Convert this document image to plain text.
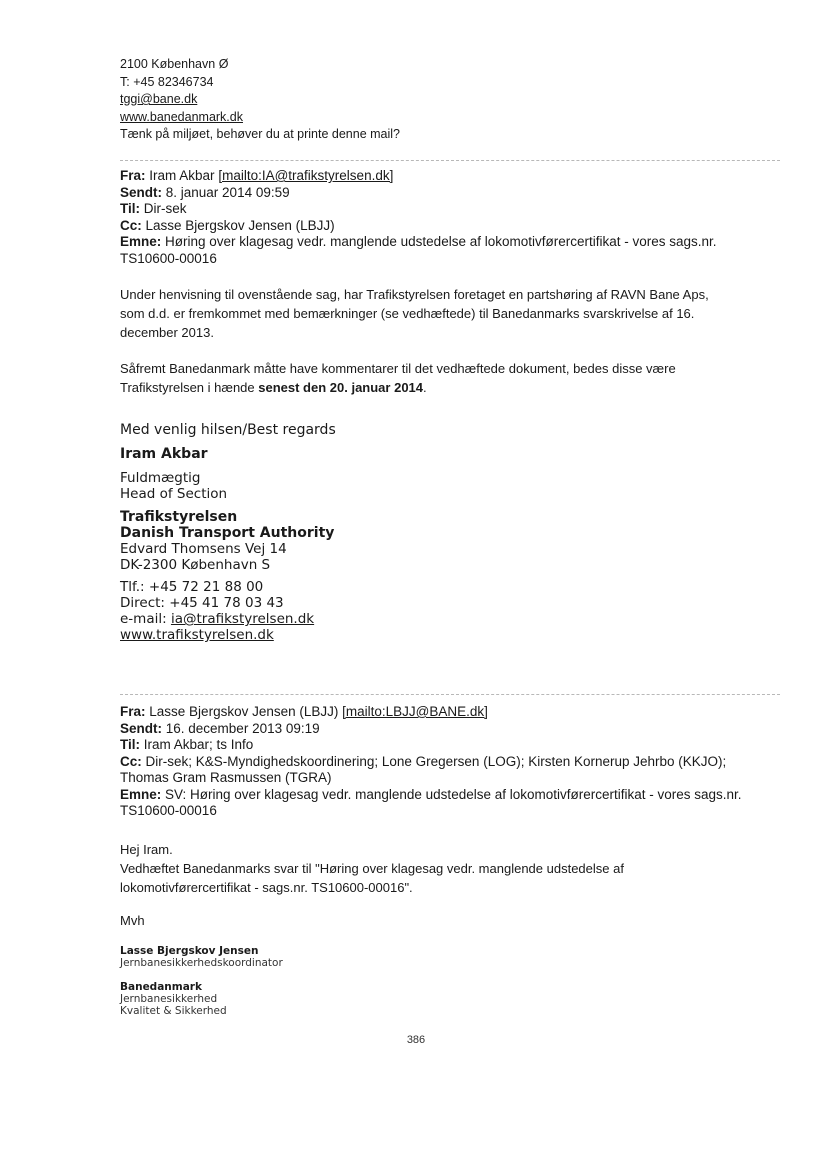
2100 København Ø
T: +45 82346734
tggi@bane.dk
www.banedanmark.dk
Tænk på miljøet, behøver du at printe denne mail?
Fra: Iram Akbar [mailto:IA@trafikstyrelsen.dk]
Sendt: 8. januar 2014 09:59
Til: Dir-sek
Cc: Lasse Bjergskov Jensen (LBJJ)
Emne: Høring over klagesag vedr. manglende udstedelse af lokomotivførercertifikat - vores sags.nr.
TS10600-00016
Under henvisning til ovenstående sag, har Trafikstyrelsen foretaget en partshøring af RAVN Bane Aps,
som d.d. er fremkommet med bemærkninger (se vedhæftede) til Banedanmarks svarskrivelse af 16.
december 2013.
Såfremt Banedanmark måtte have kommentarer til det vedhæftede dokument, bedes disse være
Trafikstyrelsen i hænde senest den 20. januar 2014.
Med venlig hilsen/Best regards
Iram Akbar
Fuldmægtig
Head of Section
Trafikstyrelsen
Danish Transport Authority
Edvard Thomsens Vej 14
DK-2300 København S
Tlf.: +45 72 21 88 00
Direct: +45 41 78 03 43
e-mail: ia@trafikstyrelsen.dk
www.trafikstyrelsen.dk
Fra: Lasse Bjergskov Jensen (LBJJ) [mailto:LBJJ@BANE.dk]
Sendt: 16. december 2013 09:19
Til: Iram Akbar; ts Info
Cc: Dir-sek; K&S-Myndighedskoordinering; Lone Gregersen (LOG); Kirsten Kornerup Jehrbo (KKJO);
Thomas Gram Rasmussen (TGRA)
Emne: SV: Høring over klagesag vedr. manglende udstedelse af lokomotivførercertifikat - vores sags.nr.
TS10600-00016
Hej Iram.
Vedhæftet Banedanmarks svar til "Høring over klagesag vedr. manglende udstedelse af
lokomotivførercertifikat - sags.nr. TS10600-00016".
Mvh
Lasse Bjergskov Jensen
Jernbanesikkerhedskoordinator
Banedanmark
Jernbanesikkerhed
Kvalitet & Sikkerhed
386
